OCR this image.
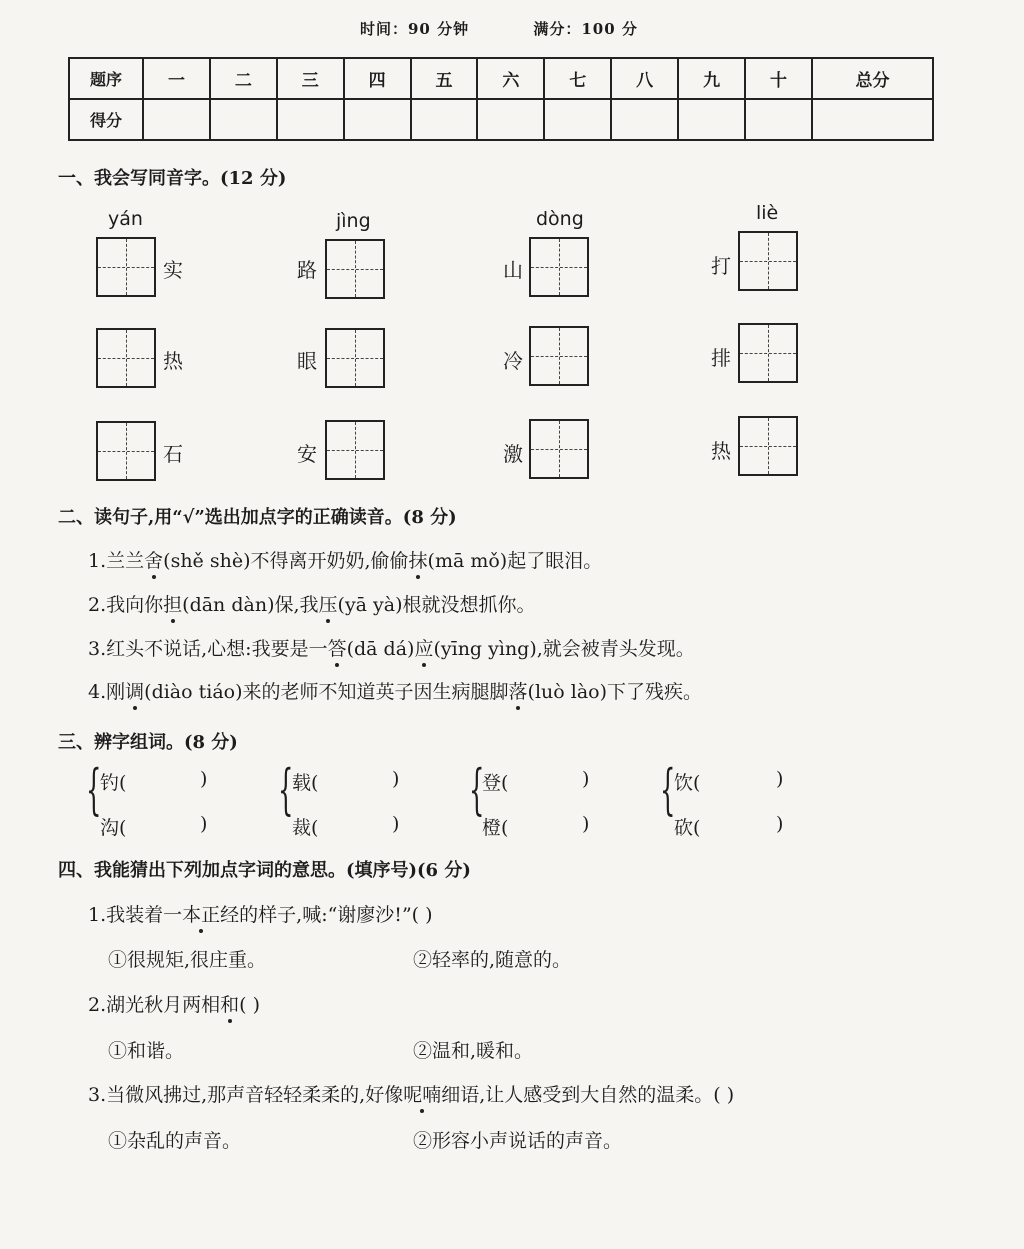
时间：90 分钟	满分：100 分
题序	一	二	三	四	五	六	七	八	九	十	总分
得分											
一、我会写同音字。(12 分)
yán	jìng	dòng	liè
实	路	山	打
热	眼	冷	排
石	安	激	热
二、读句子,用“√”选出加点字的正确读音。(8 分)
1.兰兰舍(shě shè)不得离开奶奶,偷偷抹(mā mǒ)起了眼泪。
2.我向你担(dān dàn)保,我压(yā yà)根就没想抓你。
3.红头不说话,心想:我要是一答(dā dá)应(yīng yìng),就会被青头发现。
4.刚调(diào tiáo)来的老师不知道英子因生病腿脚落(luò lào)下了残疾。
三、辨字组词。(8 分)
{
钓(	)
沟(	)
{
载(	)
裁(	)
{
登(	)
橙(	)
{
饮(	)
砍(	)
四、我能猜出下列加点字词的意思。(填序号)(6 分)
1.我装着一本正经的样子,喊:“谢廖沙!”( )
①很规矩,很庄重。	②轻率的,随意的。
2.湖光秋月两相和( )
①和谐。	②温和,暖和。
3.当微风拂过,那声音轻轻柔柔的,好像呢喃细语,让人感受到大自然的温柔。( )
①杂乱的声音。	②形容小声说话的声音。
